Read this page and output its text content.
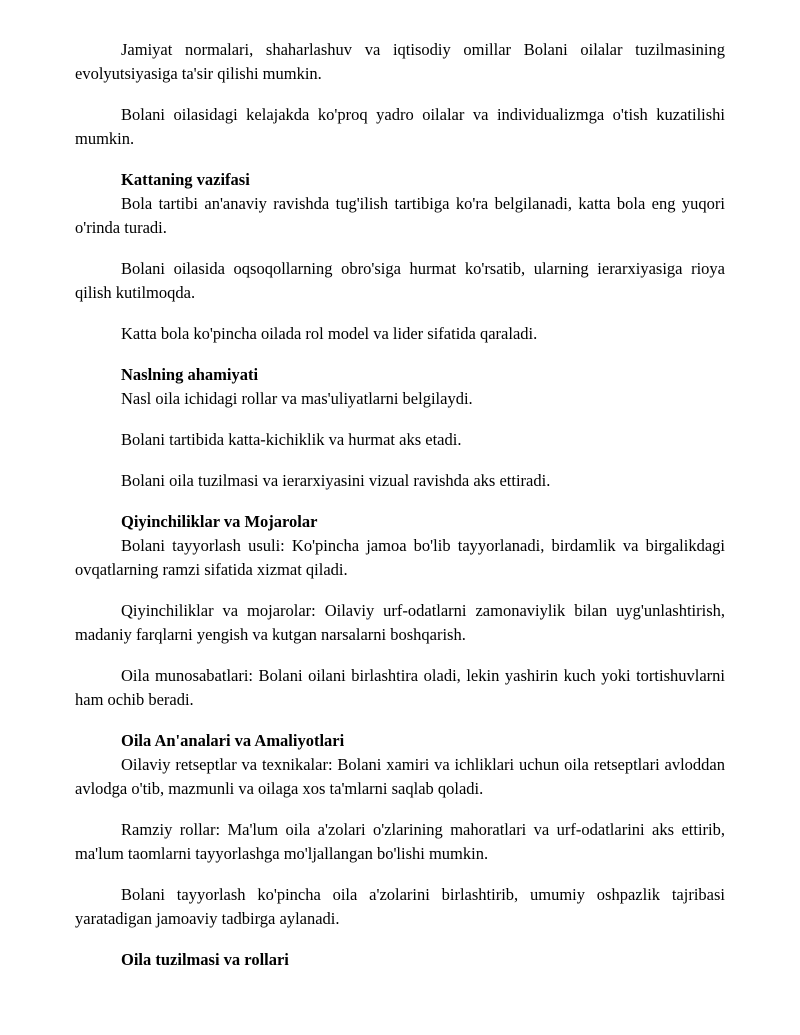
Jamiyat normalari, shaharlashuv va iqtisodiy omillar Bolani oilalar tuzilmasining evolyutsiyasiga ta'sir qilishi mumkin.

Bolani oilasidagi kelajakda ko'proq yadro oilalar va individualizmga o'tish kuzatilishi mumkin.

Kattaning vazifasi

Bola tartibi an'anaviy ravishda tug'ilish tartibiga ko'ra belgilanadi, katta bola eng yuqori o'rinda turadi.

Bolani oilasida oqsoqollarning obro'siga hurmat ko'rsatib, ularning ierarxiyasiga rioya qilish kutilmoqda.

Katta bola ko'pincha oilada rol model va lider sifatida qaraladi.

Naslning ahamiyati

Nasl oila ichidagi rollar va mas'uliyatlarni belgilaydi.

Bolani tartibida katta-kichiklik va hurmat aks etadi.

Bolani oila tuzilmasi va ierarxiyasini vizual ravishda aks ettiradi.

Qiyinchiliklar va Mojarolar

Bolani tayyorlash usuli: Ko'pincha jamoa bo'lib tayyorlanadi, birdamlik va birgalikdagi ovqatlarning ramzi sifatida xizmat qiladi.

Qiyinchiliklar va mojarolar: Oilaviy urf-odatlarni zamonaviylik bilan uyg'unlashtirish, madaniy farqlarni yengish va kutgan narsalarni boshqarish.

Oila munosabatlari: Bolani oilani birlashtira oladi, lekin yashirin kuch yoki tortishuvlarni ham ochib beradi.

Oila An'analari va Amaliyotlari

Oilaviy retseptlar va texnikalar: Bolani xamiri va ichliklari uchun oila retseptlari avloddan avlodga o'tib, mazmunli va oilaga xos ta'mlarni saqlab qoladi.

Ramziy rollar: Ma'lum oila a'zolari o'zlarining mahoratlari va urf-odatlarini aks ettirib, ma'lum taomlarni tayyorlashga mo'ljallangan bo'lishi mumkin.

Bolani tayyorlash ko'pincha oila a'zolarini birlashtirib, umumiy oshpazlik tajribasi yaratadigan jamoaviy tadbirga aylanadi.

Oila tuzilmasi va rollari
